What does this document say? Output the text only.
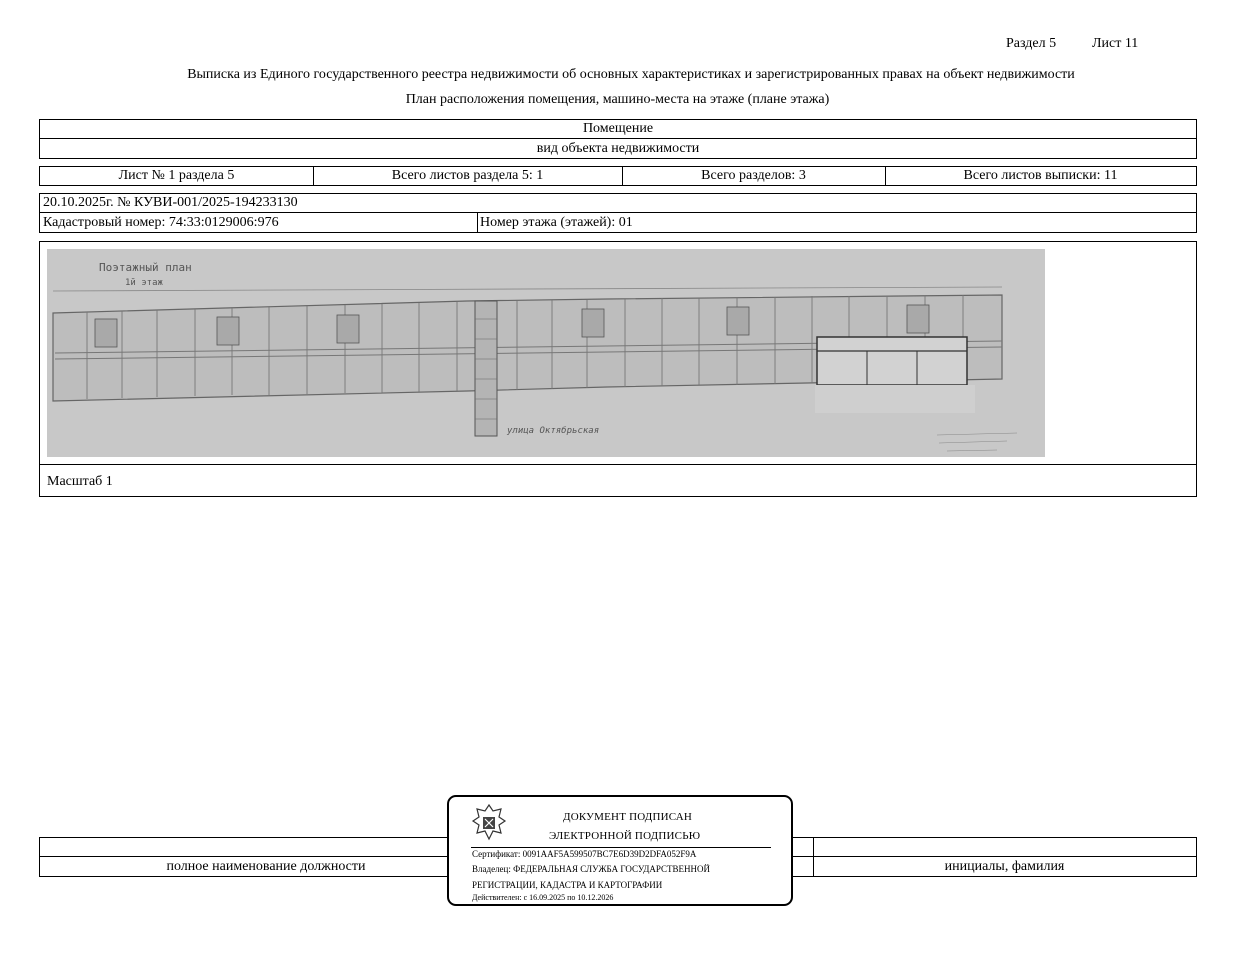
Раздел 5	Лист 11
Выписка из Единого государственного реестра недвижимости об основных характеристиках и зарегистрированных правах на объект недвижимости
План расположения помещения, машино-места на этаже (плане этажа)
Помещение
вид объекта недвижимости
Лист № 1 раздела 5	Всего листов раздела 5: 1	Всего разделов: 3	Всего листов выписки: 11
20.10.2025г. № КУВИ-001/2025-194233130
Кадастровый номер: 74:33:0129006:976	Номер этажа (этажей): 01
Масштаб 1
Поэтажный план
1й этаж
улица Октябрьская
полное наименование должности	инициалы, фамилия
ДОКУМЕНТ ПОДПИСАН
ЭЛЕКТРОННОЙ ПОДПИСЬЮ
Сертификат: 0091AAF5A599507BC7E6D39D2DFA052F9A
Владелец: ФЕДЕРАЛЬНАЯ СЛУЖБА ГОСУДАРСТВЕННОЙ
РЕГИСТРАЦИИ, КАДАСТРА И КАРТОГРАФИИ
Действителен: с 16.09.2025 по 10.12.2026
